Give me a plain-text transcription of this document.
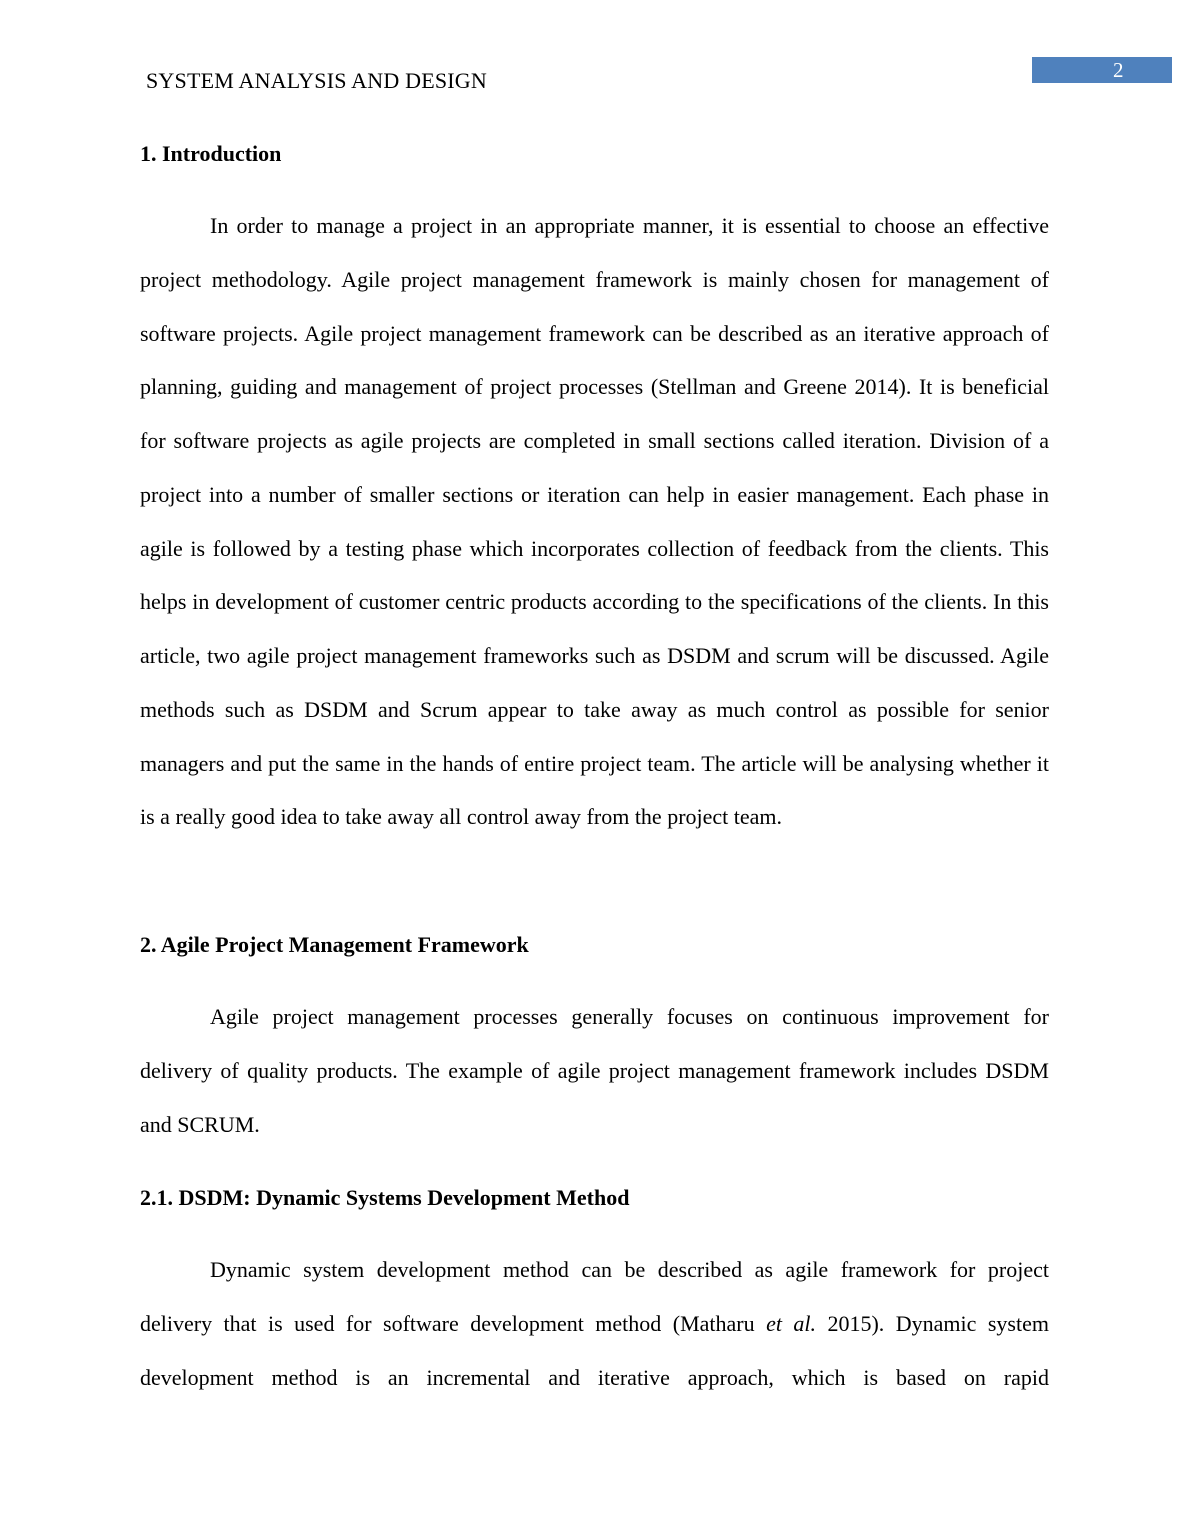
SYSTEM ANALYSIS AND DESIGN	2
1. Introduction
In order to manage a project in an appropriate manner, it is essential to choose an effective project methodology. Agile project management framework is mainly chosen for management of software projects. Agile project management framework can be described as an iterative approach of planning, guiding and management of project processes (Stellman and Greene 2014). It is beneficial for software projects as agile projects are completed in small sections called iteration. Division of a project into a number of smaller sections or iteration can help in easier management. Each phase in agile is followed by a testing phase which incorporates collection of feedback from the clients. This helps in development of customer centric products according to the specifications of the clients. In this article, two agile project management frameworks such as DSDM and scrum will be discussed. Agile methods such as DSDM and Scrum appear to take away as much control as possible for senior managers and put the same in the hands of entire project team. The article will be analysing whether it is a really good idea to take away all control away from the project team.
2. Agile Project Management Framework
Agile project management processes generally focuses on continuous improvement for delivery of quality products. The example of agile project management framework includes DSDM and SCRUM.
2.1. DSDM: Dynamic Systems Development Method
Dynamic system development method can be described as agile framework for project delivery that is used for software development method (Matharu et al. 2015). Dynamic system development method is an incremental and iterative approach, which is based on rapid
